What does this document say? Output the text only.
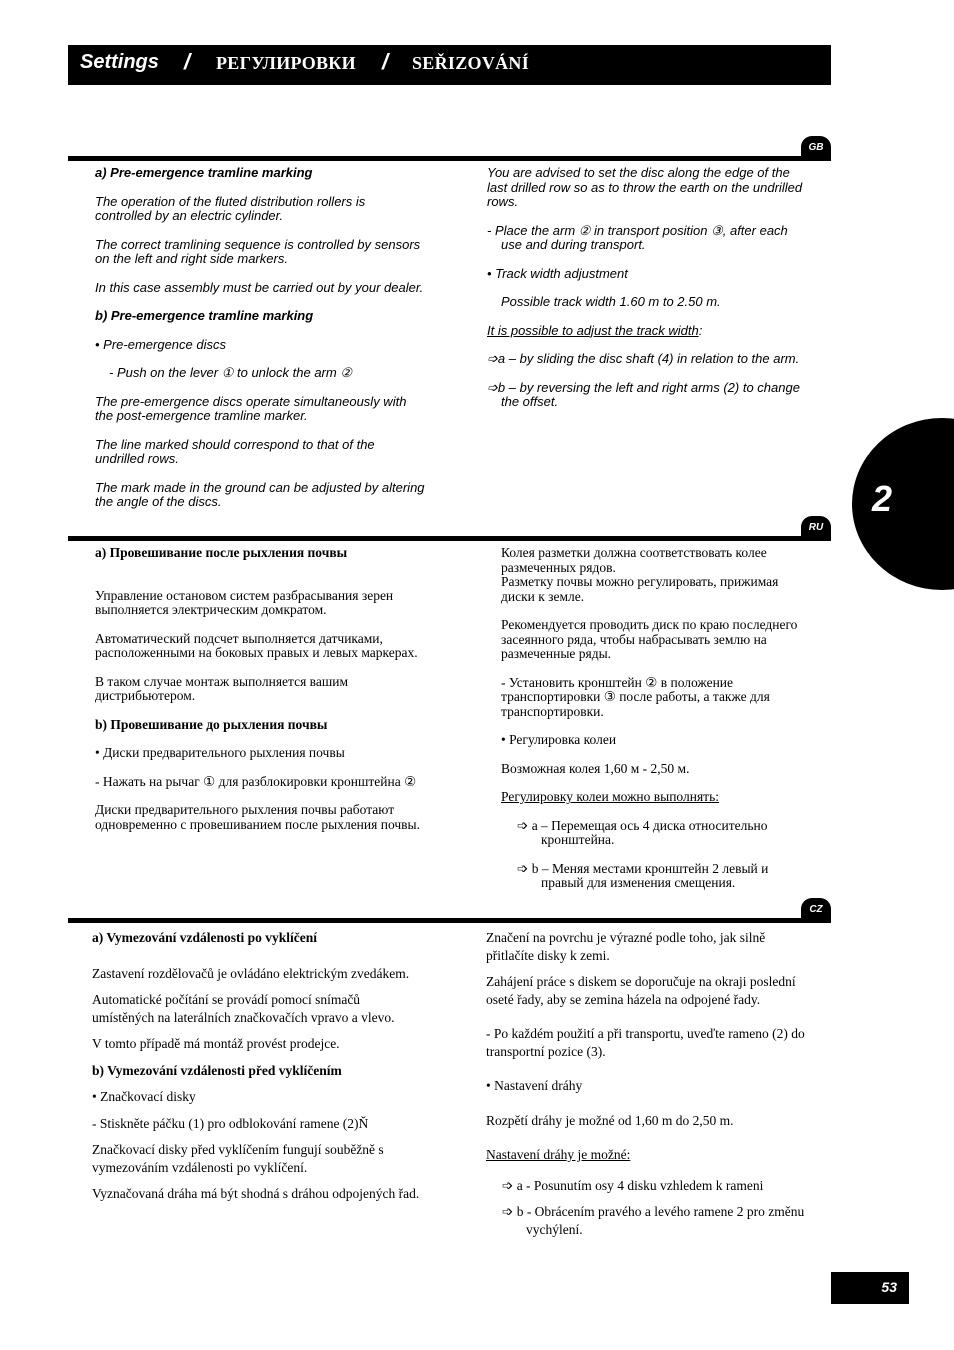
Settings / РЕГУЛИРОВКИ / SEŘIZOVÁNÍ
2
GB

a) Pre-emergence tramline marking

The operation of the fluted distribution rollers is controlled by an electric cylinder.

The correct tramlining sequence is controlled by sensors on the left and right side markers.

In this case assembly must be carried out by your dealer.

b) Pre-emergence tramline marking

• Pre-emergence discs

- Push on the lever ① to unlock the arm ②

The pre-emergence discs operate simultaneously with the post-emergence tramline marker.

The line marked should correspond to that of the undrilled rows.

The mark made in the ground can be adjusted by altering the angle of the discs.

You are advised to set the disc along the edge of the last drilled row so as to throw the earth on the undrilled rows.

- Place the arm ② in transport position ③, after each use and during transport.

• Track width adjustment

Possible track width 1.60 m to 2.50 m.

It is possible to adjust the track width:

➩a – by sliding the disc shaft (4) in relation to the arm.

➩b – by reversing the left and right arms (2) to change the offset.

RU

a) Провешивание после рыхления почвы

Управление остановом систем разбрасывания зерен выполняется электрическим домкратом.

Автоматический подсчет выполняется датчиками, расположенными на боковых правых и левых маркерах.

В таком случае монтаж выполняется вашим дистрибьютером.

b) Провешивание до рыхления почвы

• Диски предварительного рыхления почвы

- Нажать на рычаг ① для разблокировки кронштейна ②

Диски предварительного рыхления почвы работают одновременно с провешиванием после рыхления почвы.

Колея разметки должна соответствовать колее размеченных рядов.

Разметку почвы можно регулировать, прижимая диски к земле.

Рекомендуется проводить диск по краю последнего засеянного ряда, чтобы набрасывать землю на размеченные ряды.

- Установить кронштейн ② в положение транспортировки ③ после работы, а также для транспортировки.

• Регулировка колеи

Возможная колея 1,60 м - 2,50 м.

Регулировку колеи можно выполнять:

➩ a – Перемещая ось 4 диска относительно кронштейна.

➩ b – Меняя местами кронштейн 2 левый и правый для изменения смещения.

CZ

a) Vymezování vzdálenosti po vyklíčení

Zastavení rozdělovačů je ovládáno elektrickým zvedákem.

Automatické počítání se provádí pomocí snímačů umístěných na laterálních značkovačích vpravo a vlevo.

V tomto případě má montáž provést prodejce.

b) Vymezování vzdálenosti před vyklíčením

• Značkovací disky

- Stiskněte páčku (1) pro odblokování ramene (2)Ň

Značkovací disky před vyklíčením fungují souběžně s vymezováním vzdálenosti po vyklíčení.

Vyznačovaná dráha má být shodná s dráhou odpojených řad.

Značení na povrchu je výrazné podle toho, jak silně přitlačíte disky k zemi.

Zahájení práce s diskem se doporučuje na okraji poslední oseté řady, aby se zemina házela na odpojené řady.

- Po každém použití a při transportu, uveďte rameno (2) do transportní pozice (3).

• Nastavení dráhy

Rozpětí dráhy je možné od 1,60 m do 2,50 m.

Nastavení dráhy je možné:

➩ a - Posunutím osy 4 disku vzhledem k rameni

➩ b - Obrácením pravého a levého ramene 2 pro změnu vychýlení.

53
